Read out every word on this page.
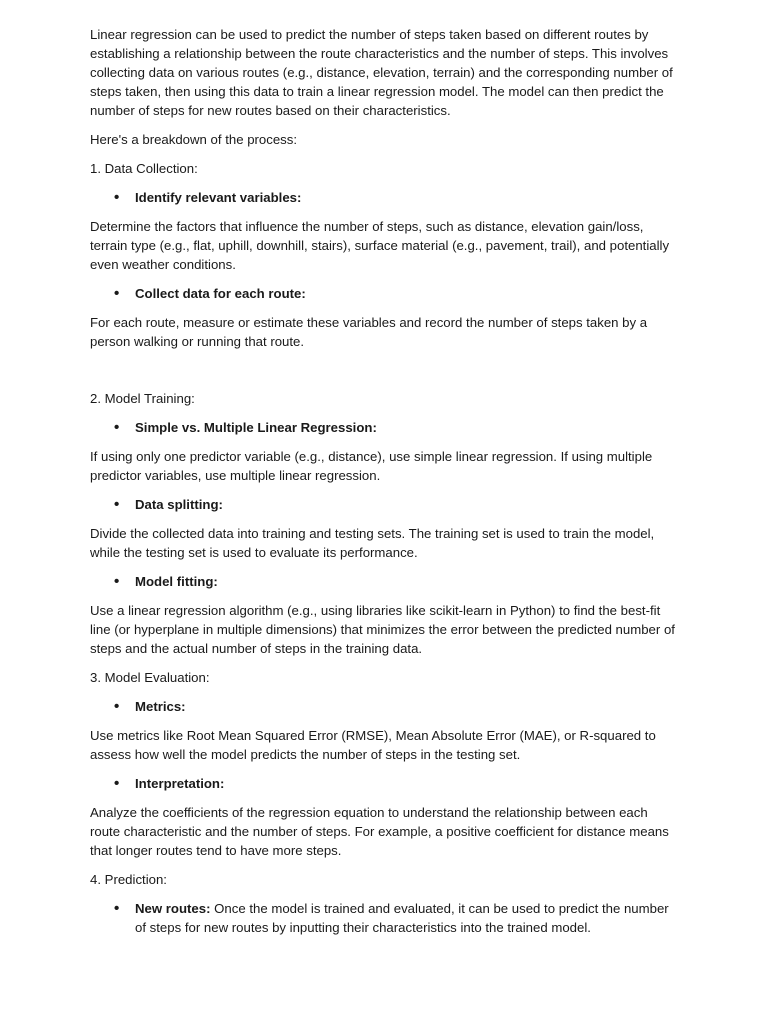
Linear regression can be used to predict the number of steps taken based on different routes by establishing a relationship between the route characteristics and the number of steps. This involves collecting data on various routes (e.g., distance, elevation, terrain) and the corresponding number of steps taken, then using this data to train a linear regression model. The model can then predict the number of steps for new routes based on their characteristics.

Here's a breakdown of the process:

1. Data Collection:

• Identify relevant variables:

Determine the factors that influence the number of steps, such as distance, elevation gain/loss, terrain type (e.g., flat, uphill, downhill, stairs), surface material (e.g., pavement, trail), and potentially even weather conditions.

• Collect data for each route:

For each route, measure or estimate these variables and record the number of steps taken by a person walking or running that route.

2. Model Training:

• Simple vs. Multiple Linear Regression:

If using only one predictor variable (e.g., distance), use simple linear regression. If using multiple predictor variables, use multiple linear regression.

• Data splitting:

Divide the collected data into training and testing sets. The training set is used to train the model, while the testing set is used to evaluate its performance.

• Model fitting:

Use a linear regression algorithm (e.g., using libraries like scikit-learn in Python) to find the best-fit line (or hyperplane in multiple dimensions) that minimizes the error between the predicted number of steps and the actual number of steps in the training data.

3. Model Evaluation:

• Metrics:

Use metrics like Root Mean Squared Error (RMSE), Mean Absolute Error (MAE), or R-squared to assess how well the model predicts the number of steps in the testing set.

• Interpretation:

Analyze the coefficients of the regression equation to understand the relationship between each route characteristic and the number of steps. For example, a positive coefficient for distance means that longer routes tend to have more steps.

4. Prediction:

• New routes: Once the model is trained and evaluated, it can be used to predict the number of steps for new routes by inputting their characteristics into the trained model.
